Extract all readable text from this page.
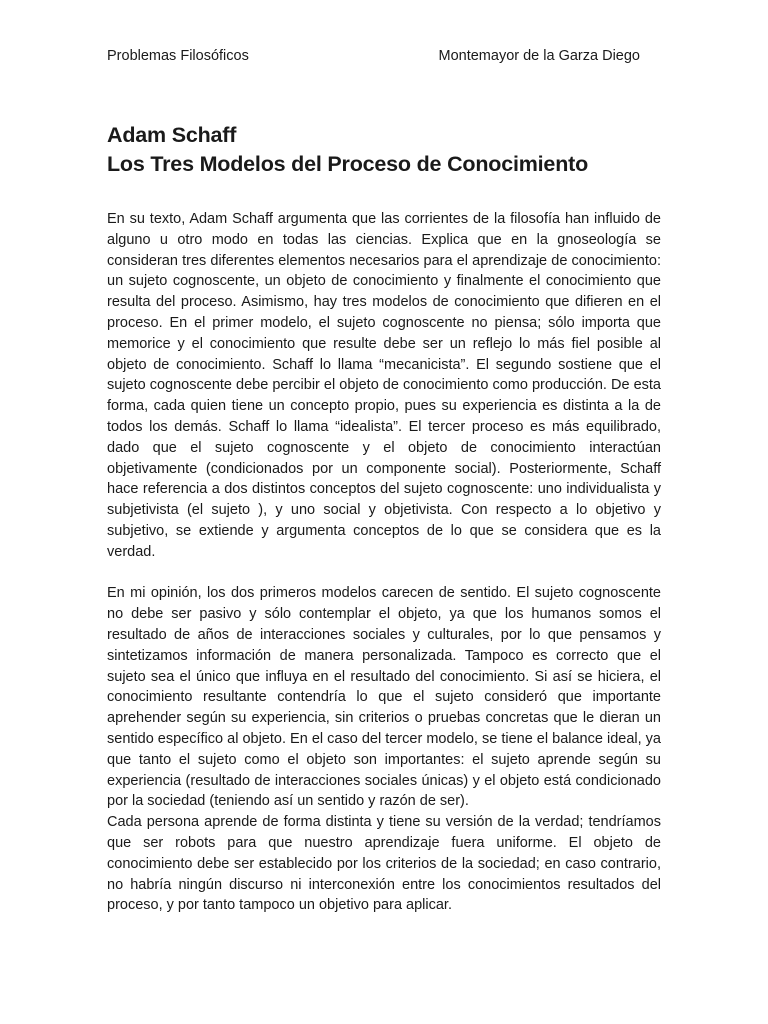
Problemas Filosóficos	Montemayor de la Garza Diego
Adam Schaff
Los Tres Modelos del Proceso de Conocimiento

En su texto, Adam Schaff argumenta que las corrientes de la filosofía han influido de alguno u otro modo en todas las ciencias. Explica que en la gnoseología se consideran tres diferentes elementos necesarios para el aprendizaje de conocimiento: un sujeto cognoscente, un objeto de conocimiento y finalmente el conocimiento que resulta del proceso. Asimismo, hay tres modelos de conocimiento que difieren en el proceso. En el primer modelo, el sujeto cognoscente no piensa; sólo importa que memorice y el conocimiento que resulte debe ser un reflejo lo más fiel posible al objeto de conocimiento. Schaff lo llama “mecanicista”. El segundo sostiene que el sujeto cognoscente debe percibir el objeto de conocimiento como producción. De esta forma, cada quien tiene un concepto propio, pues su experiencia es distinta a la de todos los demás. Schaff lo llama “idealista”. El tercer proceso es más equilibrado, dado que el sujeto cognoscente y el objeto de conocimiento interactúan objetivamente (condicionados por un componente social). Posteriormente, Schaff hace referencia a dos distintos conceptos del sujeto cognoscente: uno individualista y subjetivista (el sujeto ), y uno social y objetivista. Con respecto a lo objetivo y subjetivo, se extiende y argumenta conceptos de lo que se considera que es la verdad.

En mi opinión, los dos primeros modelos carecen de sentido. El sujeto cognoscente no debe ser pasivo y sólo contemplar el objeto, ya que los humanos somos el resultado de años de interacciones sociales y culturales, por lo que pensamos y sintetizamos información de manera personalizada. Tampoco es correcto que el sujeto sea el único que influya en el resultado del conocimiento. Si así se hiciera, el conocimiento resultante contendría lo que el sujeto consideró que importante aprehender según su experiencia, sin criterios o pruebas concretas que le dieran un sentido específico al objeto. En el caso del tercer modelo, se tiene el balance ideal, ya que tanto el sujeto como el objeto son importantes: el sujeto aprende según su experiencia (resultado de interacciones sociales únicas) y el objeto está condicionado por la sociedad (teniendo así un sentido y razón de ser).

Cada persona aprende de forma distinta y tiene su versión de la verdad; tendríamos que ser robots para que nuestro aprendizaje fuera uniforme. El objeto de conocimiento debe ser establecido por los criterios de la sociedad; en caso contrario, no habría ningún discurso ni interconexión entre los conocimientos resultados del proceso, y por tanto tampoco un objetivo para aplicar.
